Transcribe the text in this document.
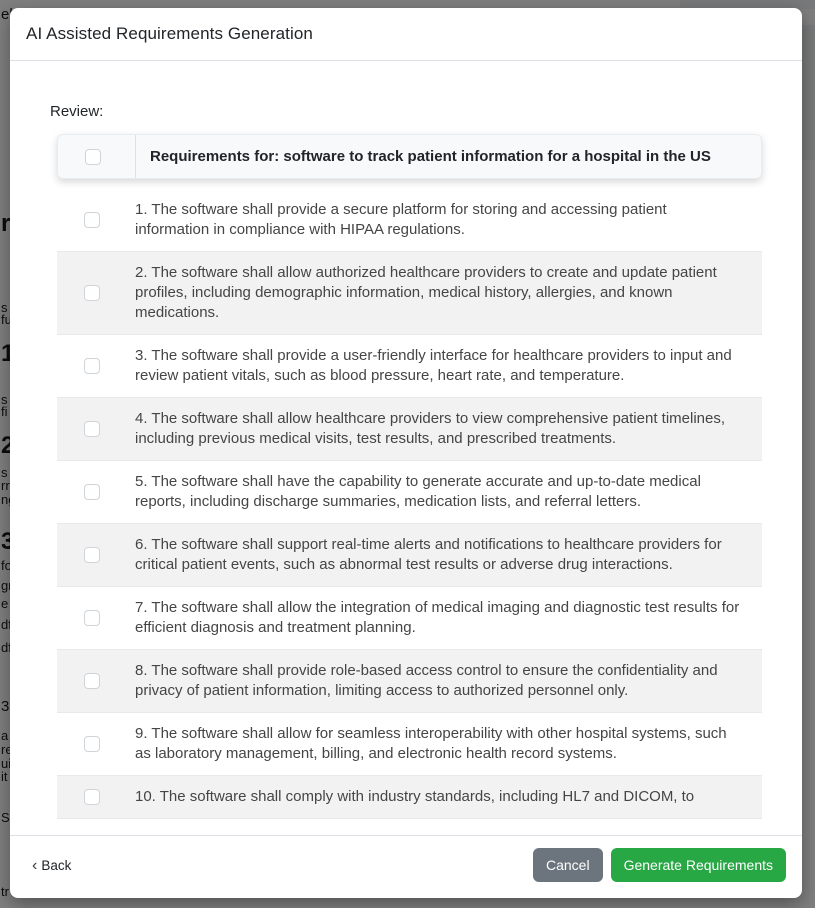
AI Assisted Requirements Generation
Review:
Requirements for: software to track patient information for a hospital in the US
1. The software shall provide a secure platform for storing and accessing patient information in compliance with HIPAA regulations.
2. The software shall allow authorized healthcare providers to create and update patient profiles, including demographic information, medical history, allergies, and known medications.
3. The software shall provide a user-friendly interface for healthcare providers to input and review patient vitals, such as blood pressure, heart rate, and temperature.
4. The software shall allow healthcare providers to view comprehensive patient timelines, including previous medical visits, test results, and prescribed treatments.
5. The software shall have the capability to generate accurate and up-to-date medical reports, including discharge summaries, medication lists, and referral letters.
6. The software shall support real-time alerts and notifications to healthcare providers for critical patient events, such as abnormal test results or adverse drug interactions.
7. The software shall allow the integration of medical imaging and diagnostic test results for efficient diagnosis and treatment planning.
8. The software shall provide role-based access control to ensure the confidentiality and privacy of patient information, limiting access to authorized personnel only.
9. The software shall allow for seamless interoperability with other hospital systems, such as laboratory management, billing, and electronic health record systems.
10. The software shall comply with industry standards, including HL7 and DICOM, to
‹ Back	Cancel	Generate Requirements
